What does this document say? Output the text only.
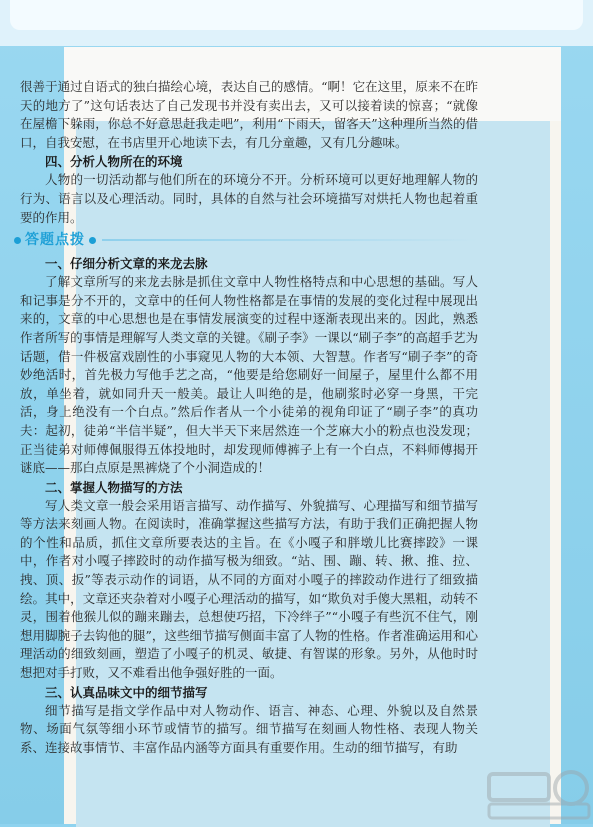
很善于通过自语式的独白描绘心境，表达自己的感情。“啊！它在这里，原来不在昨天的地方了”这句话表达了自己发现书并没有卖出去，又可以接着读的惊喜；“就像在屋檐下躲雨，你总不好意思赶我走吧”，利用“下雨天，留客天”这种理所当然的借口，自我安慰，在书店里开心地读下去，有几分童趣，又有几分趣味。

四、分析人物所在的环境

人物的一切活动都与他们所在的环境分不开。分析环境可以更好地理解人物的行为、语言以及心理活动。同时，具体的自然与社会环境描写对烘托人物也起着重要的作用。

答题点拨

一、仔细分析文章的来龙去脉

了解文章所写的来龙去脉是抓住文章中人物性格特点和中心思想的基础。写人和记事是分不开的，文章中的任何人物性格都是在事情的发展的变化过程中展现出来的，文章的中心思想也是在事情发展演变的过程中逐渐表现出来的。因此，熟悉作者所写的事情是理解写人类文章的关键。《刷子李》一课以“刷子李”的高超手艺为话题，借一件极富戏剧性的小事窥见人物的大本领、大智慧。作者写“刷子李”的奇妙绝活时，首先极力写他手艺之高，“他要是给您刷好一间屋子，屋里什么都不用放，单坐着，就如同升天一般美。最让人叫绝的是，他刷浆时必穿一身黑，干完活，身上绝没有一个白点。”然后作者从一个小徒弟的视角印证了“刷子李”的真功夫：起初，徒弟“半信半疑”，但大半天下来居然连一个芝麻大小的粉点也没发现；正当徒弟对师傅佩服得五体投地时，却发现师傅裤子上有一个白点，不料师傅揭开谜底——那白点原是黑裤烧了个小洞造成的！

二、掌握人物描写的方法

写人类文章一般会采用语言描写、动作描写、外貌描写、心理描写和细节描写等方法来刻画人物。在阅读时，准确掌握这些描写方法，有助于我们正确把握人物的个性和品质，抓住文章所要表达的主旨。在《小嘎子和胖墩儿比赛摔跤》一课中，作者对小嘎子摔跤时的动作描写极为细致。“站、围、蹦、转、揪、推、拉、拽、顶、扳”等表示动作的词语，从不同的方面对小嘎子的摔跤动作进行了细致描绘。其中，文章还夹杂着对小嘎子心理活动的描写，如“欺负对手傻大黑粗，动转不灵，围着他猴儿似的蹦来蹦去，总想使巧招，下冷绊子”“小嘎子有些沉不住气，刚想用脚腕子去钩他的腿”，这些细节描写侧面丰富了人物的性格。作者准确运用和心理活动的细致刻画，塑造了小嘎子的机灵、敏捷、有智谋的形象。另外，从他时时想把对手打败，又不难看出他争强好胜的一面。

三、认真品味文中的细节描写

细节描写是指文学作品中对人物动作、语言、神态、心理、外貌以及自然景物、场面气氛等细小环节或情节的描写。细节描写在刻画人物性格、表现人物关系、连接故事情节、丰富作品内涵等方面具有重要作用。生动的细节描写，有助
